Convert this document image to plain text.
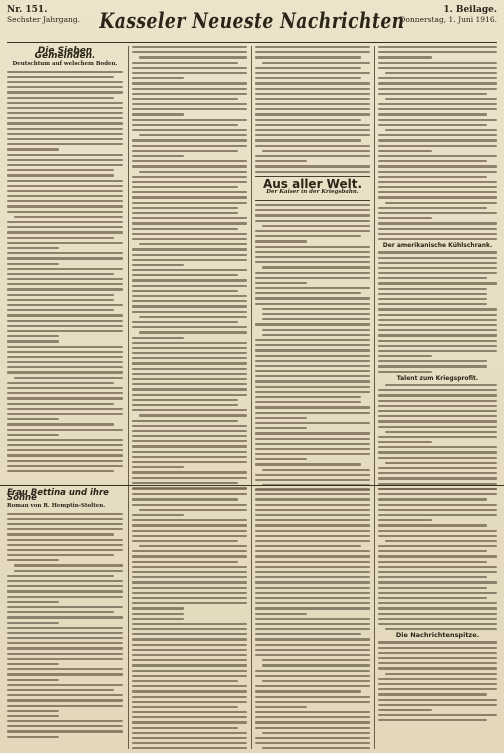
Nr. 151.
Sechster Jahrgang. Kasseler Neueste Nachrichten	1. Beilage.
Donnerstag, 1. Juni 1916.
Die Sieben Gemeinden.
Deutschtum auf welschem Boden.
Aus aller Welt.
Der Kaiser in der Kriegsbahn.
Der amerikanische Kühlschrank.
Talent zum Kriegsprofit.
Frau Bettina und ihre Söhne
Roman von R. Hemptin-Stolten.
Die Nachrichtenspitze.
